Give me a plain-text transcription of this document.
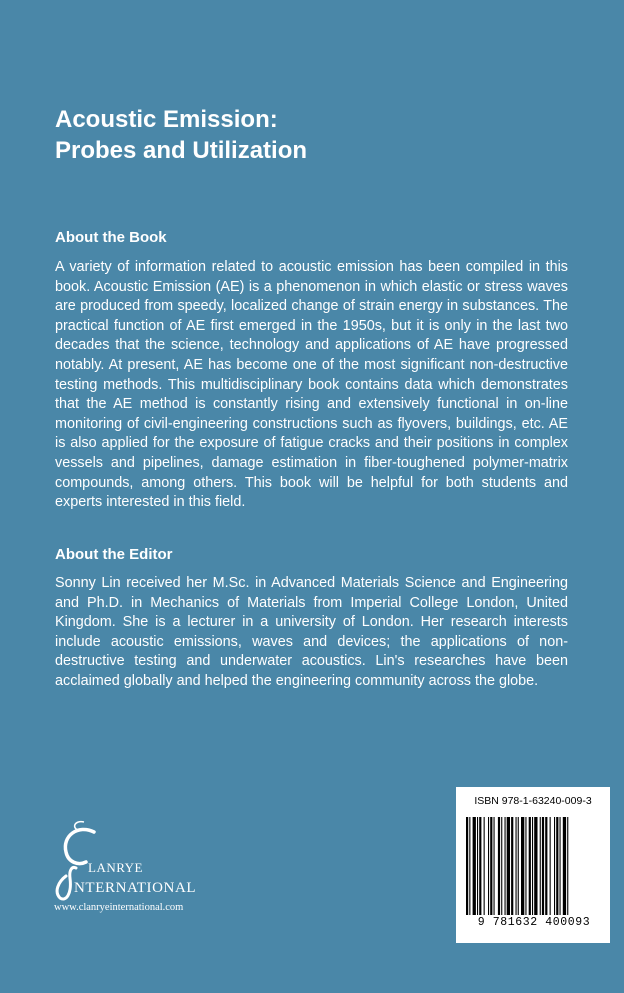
Acoustic Emission:
Probes and Utilization
About the Book
A variety of information related to acoustic emission has been compiled in this book. Acoustic Emission (AE) is a phenomenon in which elastic or stress waves are produced from speedy, localized change of strain energy in substances. The practical function of AE first emerged in the 1950s, but it is only in the last two decades that the science, technology and applications of AE have progressed notably. At present, AE has become one of the most significant non-destructive testing methods. This multidisciplinary book contains data which demonstrates that the AE method is constantly rising and extensively functional in on-line monitoring of civil-engineering constructions such as flyovers, buildings, etc. AE is also applied for the exposure of fatigue cracks and their positions in complex vessels and pipelines, damage estimation in fiber-toughened polymer-matrix compounds, among others. This book will be helpful for both students and experts interested in this field.
About the Editor
Sonny Lin received her M.Sc. in Advanced Materials Science and Engineering and Ph.D. in Mechanics of Materials from Imperial College London, United Kingdom. She is a lecturer in a university of London. Her research interests include acoustic emissions, waves and devices; the applications of non-destructive testing and underwater acoustics. Lin's researches have been acclaimed globally and helped the engineering community across the globe.
LANRYE
NTERNATIONAL
www.clanryeinternational.com
ISBN 978-1-63240-009-3
9 781632 400093
